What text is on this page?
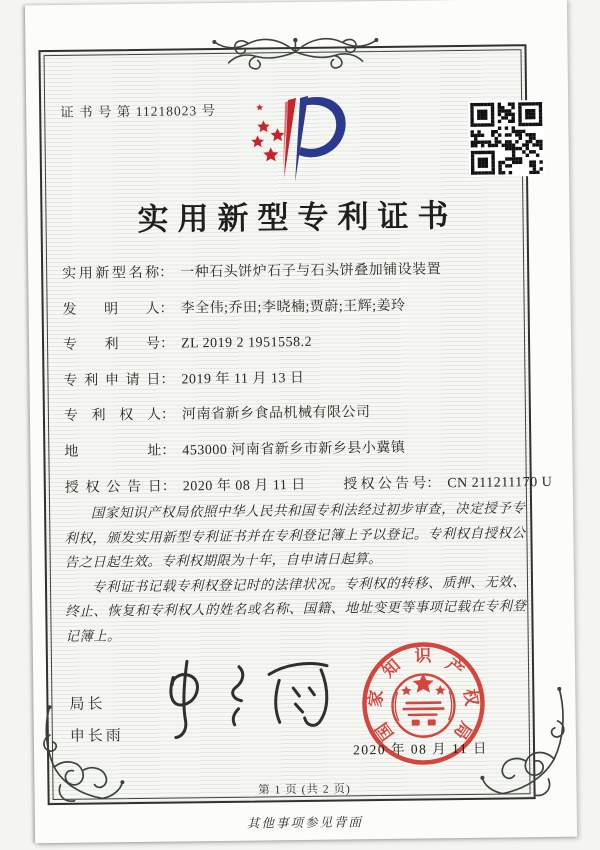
证 书 号 第 11218023 号
实用新型专利证书
实用新型名称： 一种石头饼炉石子与石头饼叠加铺设装置
发明人： 李全伟;乔田;李晓楠;贾蔚;王辉;姜玲
专利号： ZL 2019 2 1951558.2
专利申请日： 2019 年 11 月 13 日
专利权人： 河南省新乡食品机械有限公司
地址： 453000 河南省新乡市新乡县小冀镇
授权公告日： 2020 年 08 月 11 日	授权公告号： CN 211211170 U

国家知识产权局依照中华人民共和国专利法经过初步审查，决定授予专利权，颁发实用新型专利证书并在专利登记簿上予以登记。专利权自授权公告之日起生效。专利权期限为十年，自申请日起算。

专利证书记载专利权登记时的法律状况。专利权的转移、质押、无效、终止、恢复和专利权人的姓名或名称、国籍、地址变更等事项记载在专利登记簿上。

局长
申长雨	国
家
知 识 产
权
局
2020 年 08 月 11 日
第 1 页 (共 2 页)
其他事项参见背面
